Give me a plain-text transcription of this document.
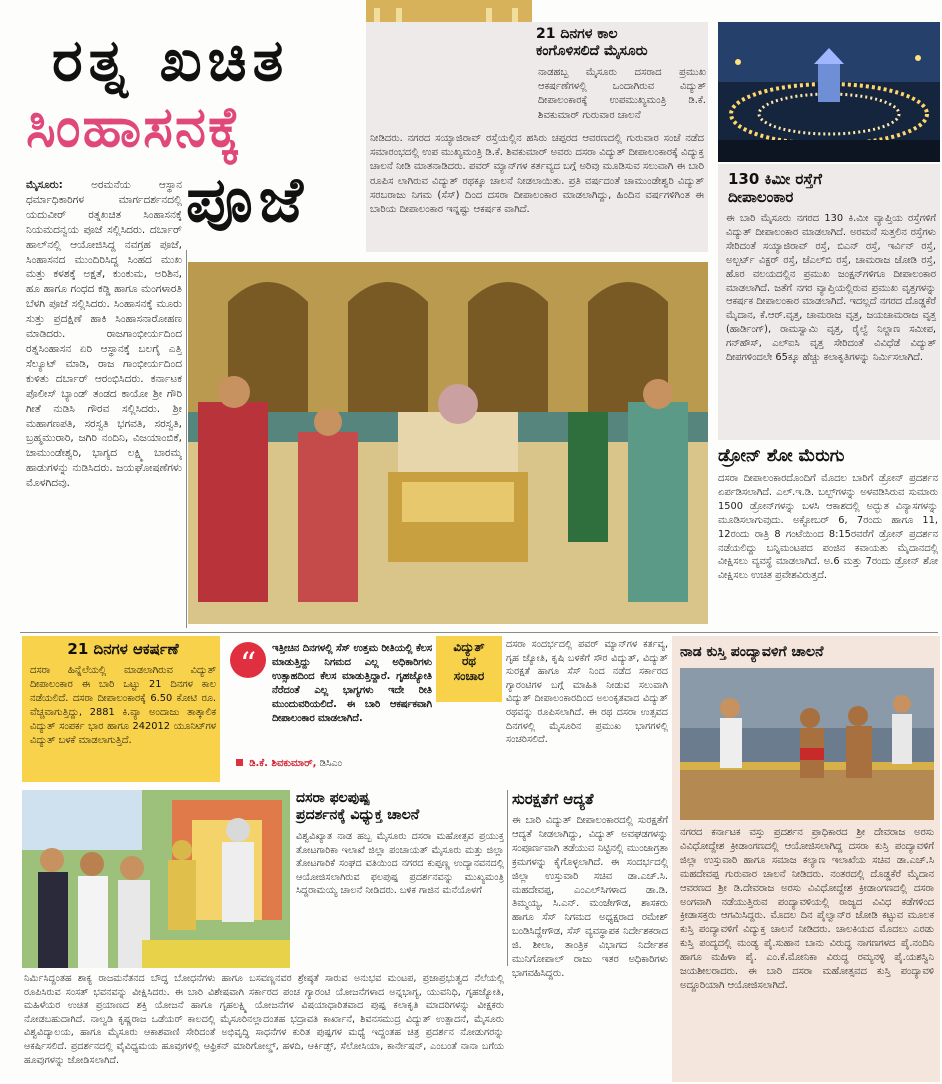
ರತ್ನ ಖಚಿತ
ಸಿಂಹಾಸನಕ್ಕೆ
ಪೂಜೆ
ಮೈಸೂರು:	ಅರಮನೆಯ ಆಸ್ಥಾನ ಧರ್ಮಾಧಿಕಾರಿಗಳ ಮಾರ್ಗದರ್ಶನದಲ್ಲಿ ಯದುವೀರ್ ರತ್ನಖಚಿತ ಸಿಂಹಾಸನಕ್ಕೆ ನಿಯಮದನ್ವಯ ಪೂಜೆ ಸಲ್ಲಿಸಿದರು. ದರ್ಬಾರ್ ಹಾಲ್‌ನಲ್ಲಿ ಆಯೋಜಿಸಿದ್ದ ನವಗ್ರಹ ಪೂಜೆ, ಸಿಂಹಾಸನದ ಮುಂದಿರಿಸಿದ್ದ ಸಿಂಹದ ಮುಖ ಮತ್ತು ಕಳಶಕ್ಕೆ ಅಕ್ಷತೆ, ಕುಂಕುಮ, ಅರಿಶಿನ, ಹೂ ಹಾಗೂ ಗಂಧದ ಕಡ್ಡಿ ಹಾಗೂ ಮಂಗಳಾರತಿ ಬೆಳಗಿ ಪೂಜೆ ಸಲ್ಲಿಸಿದರು. ಸಿಂಹಾಸನಕ್ಕೆ ಮೂರು ಸುತ್ತು ಪ್ರದಕ್ಷಿಣೆ ಹಾಕಿ ಸಿಂಹಾಸನಾರೋಹಣ ಮಾಡಿದರು. ರಾಜಗಾಂಭೀರ್ಯದಿಂದ ರತ್ನಸಿಂಹಾಸನ ಏರಿ ಆಸ್ಥಾನಕ್ಕೆ ಬಲಗೈ ಎತ್ತಿ ಸೆಲ್ಯೂಟ್ ಮಾಡಿ, ರಾಜ ಗಾಂಭೀರ್ಯದಿಂದ ಕುಳಿತು ದರ್ಬಾರ್ ಆರಂಭಿಸಿದರು. ಕರ್ನಾಟಕ ಪೊಲೀಸ್ ಬ್ಯಾಂಡ್ ತಂಡದ ಕಾಯೋ ಶ್ರೀ ಗೌರಿ ಗೀತೆ ನುಡಿಸಿ ಗೌರವ ಸಲ್ಲಿಸಿದರು. ಶ್ರೀ ಮಹಾಗಣಪತಿ, ಸರಸ್ವತಿ ಭಗವತಿ, ಸರಸ್ವತಿ, ಬ್ರಹ್ಮಮುರಾರಿ, ಜಗಿರಿ ನಂದಿನಿ, ವಿಜಯಾಂಬಿಕೆ, ಚಾಮುಂಡೇಶ್ವರಿ, ಭಾಗ್ಯದ ಲಕ್ಷ್ಮಿ ಬಾರಮ್ಮ ಹಾಡುಗಳನ್ನು ನುಡಿಸಿದರು. ಜಯಘೋಷಣೆಗಳು ಮೊಳಗಿದವು.
21 ದಿನಗಳ ಕಾಲ
ಕಂಗೊಳಿಸಲಿದೆ ಮೈಸೂರು
ನಾಡಹಬ್ಬ ಮೈಸೂರು ದಸರಾದ ಪ್ರಮುಖ ಆಕರ್ಷಣೆಗಳಲ್ಲಿ ಒಂದಾಗಿರುವ ವಿದ್ಯುತ್ ದೀಪಾಲಂಕಾರಕ್ಕೆ ಉಪಮುಖ್ಯಮಂತ್ರಿ ಡಿ.ಕೆ. ಶಿವಕುಮಾರ್ ಗುರುವಾರ ಚಾಲನೆ
ನೀಡಿದರು. ನಗರದ ಸಯ್ಯಾಜಿರಾವ್ ರಸ್ತೆಯಲ್ಲಿನ ಹಸಿರು ಚಪ್ಪರದ ಆವರಣದಲ್ಲಿ ಗುರುವಾರ ಸಂಜೆ ನಡೆದ ಸಮಾರಂಭದಲ್ಲಿ ಉಪ ಮುಖ್ಯಮಂತ್ರಿ ಡಿ.ಕೆ. ಶಿವಕುಮಾರ್ ಅವರು ದಸರಾ ವಿದ್ಯುತ್ ದೀಪಾಲಂಕಾರಕ್ಕೆ ವಿದ್ಯುಕ್ತ ಚಾಲನೆ ನೀಡಿ ಮಾತನಾಡಿದರು. ಪವರ್ ಮ್ಯಾನ್‌ಗಳ ಕರ್ತವ್ಯದ ಬಗ್ಗೆ ಅರಿವು ಮೂಡಿಸುವ ಸಲುವಾಗಿ ಈ ಬಾರಿ ರೂಪಿಸ ಲಾಗಿರುವ ವಿದ್ಯುತ್ ರಥಕ್ಕೂ ಚಾಲನೆ ನೀಡಲಾಯಿತು. ಪ್ರತಿ ವರ್ಷದಂತೆ ಚಾಮುಂಡೇಶ್ವರಿ ವಿದ್ಯುತ್ ಸರಬರಾಜು ನಿಗಮ (ಸೆಸ್) ದಿಂದ ದಸರಾ ದೀಪಾಲಂಕಾರ ಮಾಡಲಾಗಿದ್ದು, ಹಿಂದಿನ ವರ್ಷಗಳಿಗಿಂತ ಈ ಬಾರಿಯ ದೀಪಾಲಂಕಾರ ಇನ್ನಷ್ಟು ಆಕರ್ಷಕ ವಾಗಿದೆ.
130 ಕಿಮೀ ರಸ್ತೆಗೆ
ದೀಪಾಲಂಕಾರ
ಈ ಬಾರಿ ಮೈಸೂರು ನಗರದ 130 ಕಿ.ಮೀ ವ್ಯಾಪ್ತಿಯ ರಸ್ತೆಗಳಿಗೆ ವಿದ್ಯುತ್ ದೀಪಾಲಂಕಾರ ಮಾಡಲಾಗಿದೆ. ಅರಮನೆ ಸುತ್ತಲಿನ ರಸ್ತೆಗಳು ಸೇರಿದಂತೆ ಸಯ್ಯಾಜಿರಾವ್ ರಸ್ತೆ, ಬಿಎನ್ ರಸ್ತೆ, ಇರ್ವಿನ್ ರಸ್ತೆ, ಅಲ್ಬರ್ಟ್ ವಿಕ್ಟರ್ ರಸ್ತೆ, ಜೆಎಲ್‌ಬಿ ರಸ್ತೆ, ಚಾಮರಾಜ ಜೋಡಿ ರಸ್ತೆ, ಹೊರ ವಲಯದಲ್ಲಿನ ಪ್ರಮುಖ ಜಂಕ್ಷನ್‌ಗಳಿಗೂ ದೀಪಾಲಂಕಾರ ಮಾಡಲಾಗಿದೆ. ಜತೆಗೆ ನಗರ ವ್ಯಾಪ್ತಿಯಲ್ಲಿರುವ ಪ್ರಮುಖ ವೃತ್ತಗಳನ್ನು ಆಕರ್ಷಕ ದೀಪಾಲಂಕಾರ ಮಾಡಲಾಗಿದೆ. ಇದಲ್ಲದೆ ನಗರದ ದೊಡ್ಡಕೆರೆ ಮೈದಾನ, ಕೆ.ಆರ್.ವೃತ್ತ, ಚಾಮರಾಜ ವೃತ್ತ, ಜಯಚಾಮರಾಜ ವೃತ್ತ (ಹಾರ್ಡಿಂಗ್), ರಾಮಸ್ವಾಮಿ ವೃತ್ತ, ರೈಲ್ವೆ ನಿಲ್ದಾಣ ಸಮೀಪ, ಗನ್‌ಹೌಸ್, ಎಲ್‌ಐಸಿ ವೃತ್ತ ಸೇರಿದಂತೆ ವಿವಿಧೆಡೆ ವಿದ್ಯುತ್ ದೀಪಗಳಿಂದಲೇ 65ಕ್ಕೂ ಹೆಚ್ಚು ಕಲಾಕೃತಿಗಳನ್ನು ನಿರ್ಮಿಸಲಾಗಿದೆ.
ಡ್ರೋನ್ ಶೋ ಮೆರುಗು
ದಸರಾ ದೀಪಾಲಂಕಾರದೊಂದಿಗೆ ಮೊದಲ ಬಾರಿಗೆ ಡ್ರೋನ್ ಪ್ರದರ್ಶನ ಏರ್ಪಡಿಸಲಾಗಿದೆ. ಎಲ್.ಇ.ಡಿ. ಬಲ್ಬ್‌ಗಳನ್ನು ಅಳವಡಿಸಿರುವ ಸುಮಾರು 1500 ಡ್ರೋನ್‌ಗಳನ್ನು ಬಳಸಿ ಆಕಾಶದಲ್ಲಿ ಅದ್ಭುತ ವಿನ್ಯಾಸಗಳನ್ನು ಮೂಡಿಸಲಾಗುವುದು. ಅಕ್ಟೋಬರ್ 6, 7ರಂದು ಹಾಗೂ 11, 12ರಂದು ರಾತ್ರಿ 8 ಗಂಟೆಯಿಂದ 8:15ರವರೆಗೆ ಡ್ರೋನ್ ಪ್ರದರ್ಶನ ನಡೆಯಲಿದ್ದು ಬನ್ನಿಮಂಟಪದ ಪಂಜಿನ ಕವಾಯತು ಮೈದಾನದಲ್ಲಿ ವೀಕ್ಷಿಸಲು ವ್ಯವಸ್ಥೆ ಮಾಡಲಾಗಿದೆ. ಅ.6 ಮತ್ತು 7ರಂದು ಡ್ರೋನ್ ಶೋ ವೀಕ್ಷಿಸಲು ಉಚಿತ ಪ್ರವೇಶವಿರುತ್ತದೆ.
21 ದಿನಗಳ ಆಕರ್ಷಣೆ
ದಸರಾ ಹಿನ್ನೆಲೆಯಲ್ಲಿ ಮಾಡಲಾಗಿರುವ ವಿದ್ಯುತ್ ದೀಪಾಲಂಕಾರ ಈ ಬಾರಿ ಒಟ್ಟು 21 ದಿನಗಳ ಕಾಲ ನಡೆಯಲಿದೆ. ದಸರಾ ದೀಪಾಲಂಕಾರಕ್ಕೆ 6.50 ಕೋಟಿ ರೂ. ವೆಚ್ಚವಾಗುತ್ತಿದ್ದು, 2881 ಕಿ.ವ್ಯಾ ಅಂದಾಜು ತಾತ್ಕಾಲಿಕ ವಿದ್ಯುತ್ ಸಂಪರ್ಕ ಭಾರ ಹಾಗೂ 242012 ಯೂನಿಟ್‌ಗಳ ವಿದ್ಯುತ್ ಬಳಕೆ ಮಾಡಲಾಗುತ್ತಿದೆ.
“	ಇತ್ತೀಚಿನ ದಿನಗಳಲ್ಲಿ ಸೆಸ್ ಉತ್ತಮ ರೀತಿಯಲ್ಲಿ ಕೆಲಸ ಮಾಡುತ್ತಿದ್ದು ನಿಗಮದ ಎಲ್ಲ ಅಧಿಕಾರಿಗಳು ಉತ್ಸಾಹದಿಂದ ಕೆಲಸ ಮಾಡುತ್ತಿದ್ದಾರೆ. ಗೃಹಜ್ಯೋತಿ ನೆರೆದಂತೆ ಎಲ್ಲ ಭಾಗ್ಯಗಳು ಇದೇ ರೀತಿ ಮುಂದುವರಿಯಲಿದೆ. ಈ ಬಾರಿ ಆಕರ್ಷಕವಾಗಿ ದೀಪಾಲಂಕಾರ ಮಾಡಲಾಗಿದೆ.
ಡಿ.ಕೆ. ಶಿವಕುಮಾರ್, ಡಿಸಿಎಂ
ವಿದ್ಯುತ್
ರಥ
ಸಂಚಾರ
ದಸರಾ ಸಂದರ್ಭದಲ್ಲಿ ಪವರ್ ಮ್ಯಾನ್‌ಗಳ ಕರ್ತವ್ಯ, ಗೃಹ ಜ್ಯೋತಿ, ಕೃಷಿ ಬಳಕೆಗೆ ಸೌರ ವಿದ್ಯುತ್, ವಿದ್ಯುತ್ ಸುರಕ್ಷತೆ ಹಾಗೂ ಸೆಸ್ ನಿಂದ ನಡೆದ ಸರ್ಕಾರದ ಗ್ಯಾರಂಟಿಗಳ ಬಗ್ಗೆ ಮಾಹಿತಿ ನೀಡುವ ಸಲುವಾಗಿ ವಿದ್ಯುತ್ ದೀಪಾಲಂಕಾರದಿಂದ ಅಲಂಕೃತವಾದ ವಿದ್ಯುತ್ ರಥವನ್ನು ರೂಪಿಸಲಾಗಿದೆ. ಈ ರಥ ದಸರಾ ಉತ್ಸವದ ದಿನಗಳಲ್ಲಿ ಮೈಸೂರಿನ ಪ್ರಮುಖ ಭಾಗಗಳಲ್ಲಿ ಸಂಚರಿಸಲಿದೆ.
ನಾಡ ಕುಸ್ತಿ ಪಂದ್ಯಾವಳಿಗೆ ಚಾಲನೆ
ನಗರದ ಕರ್ನಾಟಕ ವಸ್ತು ಪ್ರದರ್ಶನ ಪ್ರಾಧಿಕಾರದ ಶ್ರೀ ದೇವರಾಜ ಅರಸು ವಿವಿಧೋದ್ದೇಶ ಕ್ರೀಡಾಂಗಣದಲ್ಲಿ ಆಯೋಜಿಸಲಾಗಿದ್ದ ದಸರಾ ಕುಸ್ತಿ ಪಂದ್ಯಾವಳಿಗೆ ಜಿಲ್ಲಾ ಉಸ್ತುವಾರಿ ಹಾಗೂ ಸಮಾಜ ಕಲ್ಯಾಣ ಇಲಾಖೆಯ ಸಚಿವ ಡಾ.ಎಚ್.ಸಿ ಮಹದೇವಪ್ಪ ಗುರುವಾರ ಚಾಲನೆ ನೀಡಿದರು. ನಂತರದಲ್ಲಿ ದೊಡ್ಡಕೆರೆ ಮೈದಾನ ಆವರಣದ ಶ್ರೀ ಡಿ.ದೇವರಾಜ ಅರಸು ವಿವಿಧೋದ್ದೇಶ ಕ್ರೀಡಾಂಗಣದಲ್ಲಿ ದಸರಾ ಅಂಗವಾಗಿ ನಡೆಯುತ್ತಿರುವ ಪಂದ್ಯಾವಳಿಯಲ್ಲಿ ರಾಜ್ಯದ ವಿವಿಧ ಕಡೆಗಳಿಂದ ಕ್ರೀಡಾಸಕ್ತರು ಆಗಮಿಸಿದ್ದರು. ಮೊದಲ ದಿನ ಪೈಲ್ವಾನ್‌ರ ಜೋಡಿ ಕಟ್ಟುವ ಮೂಲಕ ಕುಸ್ತಿ ಪಂದ್ಯಾವಳಿಗೆ ವಿದ್ಯುಕ್ತ ಚಾಲನೆ ನೀಡಿದರು. ಚಾಲಕಿಯದ ಮೊದಲು ಎರಡು ಕುಸ್ತಿ ಪಂದ್ಯದಲ್ಲಿ ಮಂಡ್ಯ ಪೈ.ಸುಹಾನ ಬಾನು ವಿರುದ್ಧ ನಾಗಣಗಳದ ಪೈ.ನಂದಿನಿ ಹಾಗೂ ಮಹಿಳಾ ಪೈ. ಎಂ.ಕೆ.ಮೋನಿಕಾ ವಿರುದ್ಧ ರಮ್ಯನಳ್ಳಿ ಪೈ.ಯಶಸ್ವಿನಿ ಜಯಶೀಲರಾದರು. ಈ ಬಾರಿ ದಸರಾ ಮಹೋತ್ಸವದ ಕುಸ್ತಿ ಪಂದ್ಯಾವಳಿ ಅದ್ದೂರಿಯಾಗಿ ಆಯೋಜಿಸಲಾಗಿದೆ.
ದಸರಾ ಫಲಪುಷ್ಪ
ಪ್ರದರ್ಶನಕ್ಕೆ ವಿಧ್ಯುಕ್ತ ಚಾಲನೆ
ವಿಶ್ವವಿಖ್ಯಾತ ನಾಡ ಹಬ್ಬ ಮೈಸೂರು ದಸರಾ ಮಹೋತ್ಸವ ಪ್ರಯುಕ್ತ ತೋಟಗಾರಿಕಾ ಇಲಾಖೆ ಜಿಲ್ಲಾ ಪಂಚಾಯತ್ ಮೈಸೂರು ಮತ್ತು ಜಿಲ್ಲಾ ತೋಟಗಾರಿಕೆ ಸಂಘದ ವತಿಯಿಂದ ನಗರದ ಕುಪ್ಪಣ್ಣ ಉದ್ಯಾನವನದಲ್ಲಿ ಆಯೋಜಿಸಲಾಗಿರುವ ಫಲಪುಷ್ಪ ಪ್ರದರ್ಶನವನ್ನು ಮುಖ್ಯಮಂತ್ರಿ ಸಿದ್ದರಾಮಯ್ಯ ಚಾಲನೆ ನೀಡಿದರು. ಬಳಿಕ ಗಾಜಿನ ಮನೆಯೊಳಗೆ
ನಿರ್ಮಿಸಿದ್ದಂತಹ ಶಾಕ್ಯ ರಾಜಮನೆತನದ ಬೌದ್ಧ ಬೋಧನೆಗಳು ಹಾಗೂ ಬಸವಣ್ಣನವರ ಶ್ರೇಷ್ಠತೆ ಸಾರುವ ಅನುಭವ ಮಂಟಪ, ಪ್ರಜಾಪ್ರಭುತ್ವದ ನೆಲೆಯಲ್ಲಿ ರೂಪಿಸಿರುವ ಸಂಸತ್ ಭವನವನ್ನು ವೀಕ್ಷಿಸಿದರು. ಈ ಬಾರಿ ವಿಶೇಷವಾಗಿ ಸರ್ಕಾರದ ಪಂಚ ಗ್ಯಾರಂಟಿ ಯೋಜನೆಗಳಾದ ಅನ್ನಭಾಗ್ಯ, ಯುವನಿಧಿ, ಗೃಹಜ್ಯೋತಿ, ಮಹಿಳೆಯರ ಉಚಿತ ಪ್ರಯಾಣದ ಶಕ್ತಿ ಯೋಜನೆ ಹಾಗೂ ಗೃಹಲಕ್ಷ್ಮಿ ಯೋಜನೆಗಳ ವಿಷಯಾಧಾರಿತವಾದ ಪುಷ್ಪ ಕಲಾಕೃತಿ ಮಾದರಿಗಳನ್ನು ವೀಕ್ಷಕರು ನೋಡಬಹುದಾಗಿದೆ. ನಾಲ್ವಡಿ ಕೃಷ್ಣರಾಜ ಒಡೆಯರ್ ಕಾಲದಲ್ಲಿ ಮೈಸೂರಿನಲ್ಲಾದಂತಹ ಭದ್ರಾವತಿ ಕಾರ್ಖಾನೆ, ಶಿವನಸಮುದ್ರ ವಿದ್ಯುತ್ ಉತ್ಪಾದನೆ, ಮೈಸೂರು ವಿಶ್ವವಿದ್ಯಾಲಯ, ಹಾಗೂ ಮೈಸೂರು ಆಕಾಶವಾಣಿ ಸೇರಿದಂತೆ ಅಭಿವೃದ್ಧಿ ಸಾಧನೆಗಳ ಕುರಿತ ಪುಷ್ಪಗಳ ಮಧ್ಯೆ ಇದ್ದಂತಹ ಚಿತ್ರ ಪ್ರದರ್ಶನ ನೋಡುಗರನ್ನು ಆಕರ್ಷಿಸಲಿದೆ. ಪ್ರದರ್ಶನದಲ್ಲಿ ವೈವಿಧ್ಯಮಯ ಹೂವುಗಳಲ್ಲಿ ಆಫ್ರಿಕನ್ ಮಾರಿಗೋಲ್ಡ್, ಹಳದಿ, ಆರ್ಕಿಡ್ಸ್, ಸೆಲೋಸಿಯಾ, ಕಾರ್ನೇಷನ್, ಎಂಬಂತೆ ನಾನಾ ಬಗೆಯ ಹೂವುಗಳನ್ನು ಜೋಡಿಸಲಾಗಿದೆ.
ಸುರಕ್ಷತೆಗೆ ಆದ್ಯತೆ
ಈ ಬಾರಿ ವಿದ್ಯುತ್ ದೀಪಾಲಂಕಾರದಲ್ಲಿ ಸುರಕ್ಷತೆಗೆ ಆದ್ಯತೆ ನೀಡಲಾಗಿದ್ದು, ವಿದ್ಯುತ್ ಅವಘಡಗಳನ್ನು ಸಂಪೂರ್ಣವಾಗಿ ತಡೆಯುವ ನಿಟ್ಟಿನಲ್ಲಿ ಮುಂಜಾಗ್ರತಾ ಕ್ರಮಗಳನ್ನು ಕೈಗೊಳ್ಳಲಾಗಿದೆ. ಈ ಸಂದರ್ಭದಲ್ಲಿ ಜಿಲ್ಲಾ ಉಸ್ತುವಾರಿ ಸಚಿವ ಡಾ.ಎಚ್.ಸಿ. ಮಹದೇವಪ್ಪ, ಎಂಎಲ್‌ಸಿಗಳಾದ ಡಾ.ಡಿ. ತಿಮ್ಮಯ್ಯ, ಸಿ.ಎನ್. ಮಂಜೇಗೌಡ, ಶಾಸಕರು ಹಾಗೂ ಸೆಸ್ ನಿಗಮದ ಅಧ್ಯಕ್ಷರಾದ ರಮೇಶ್ ಬಂಡಿಸಿದ್ದೇಗೌಡ, ಸೆಸ್ ವ್ಯವಸ್ಥಾಪಕ ನಿರ್ದೇಶಕರಾದ ಜಿ. ಶೀಲಾ, ತಾಂತ್ರಿಕ ವಿಭಾಗದ ನಿರ್ದೇಶಕ ಮುನಿಗೋಪಾಲ್ ರಾಜು ಇತರ ಅಧಿಕಾರಿಗಳು ಭಾಗವಹಿಸಿದ್ದರು.
